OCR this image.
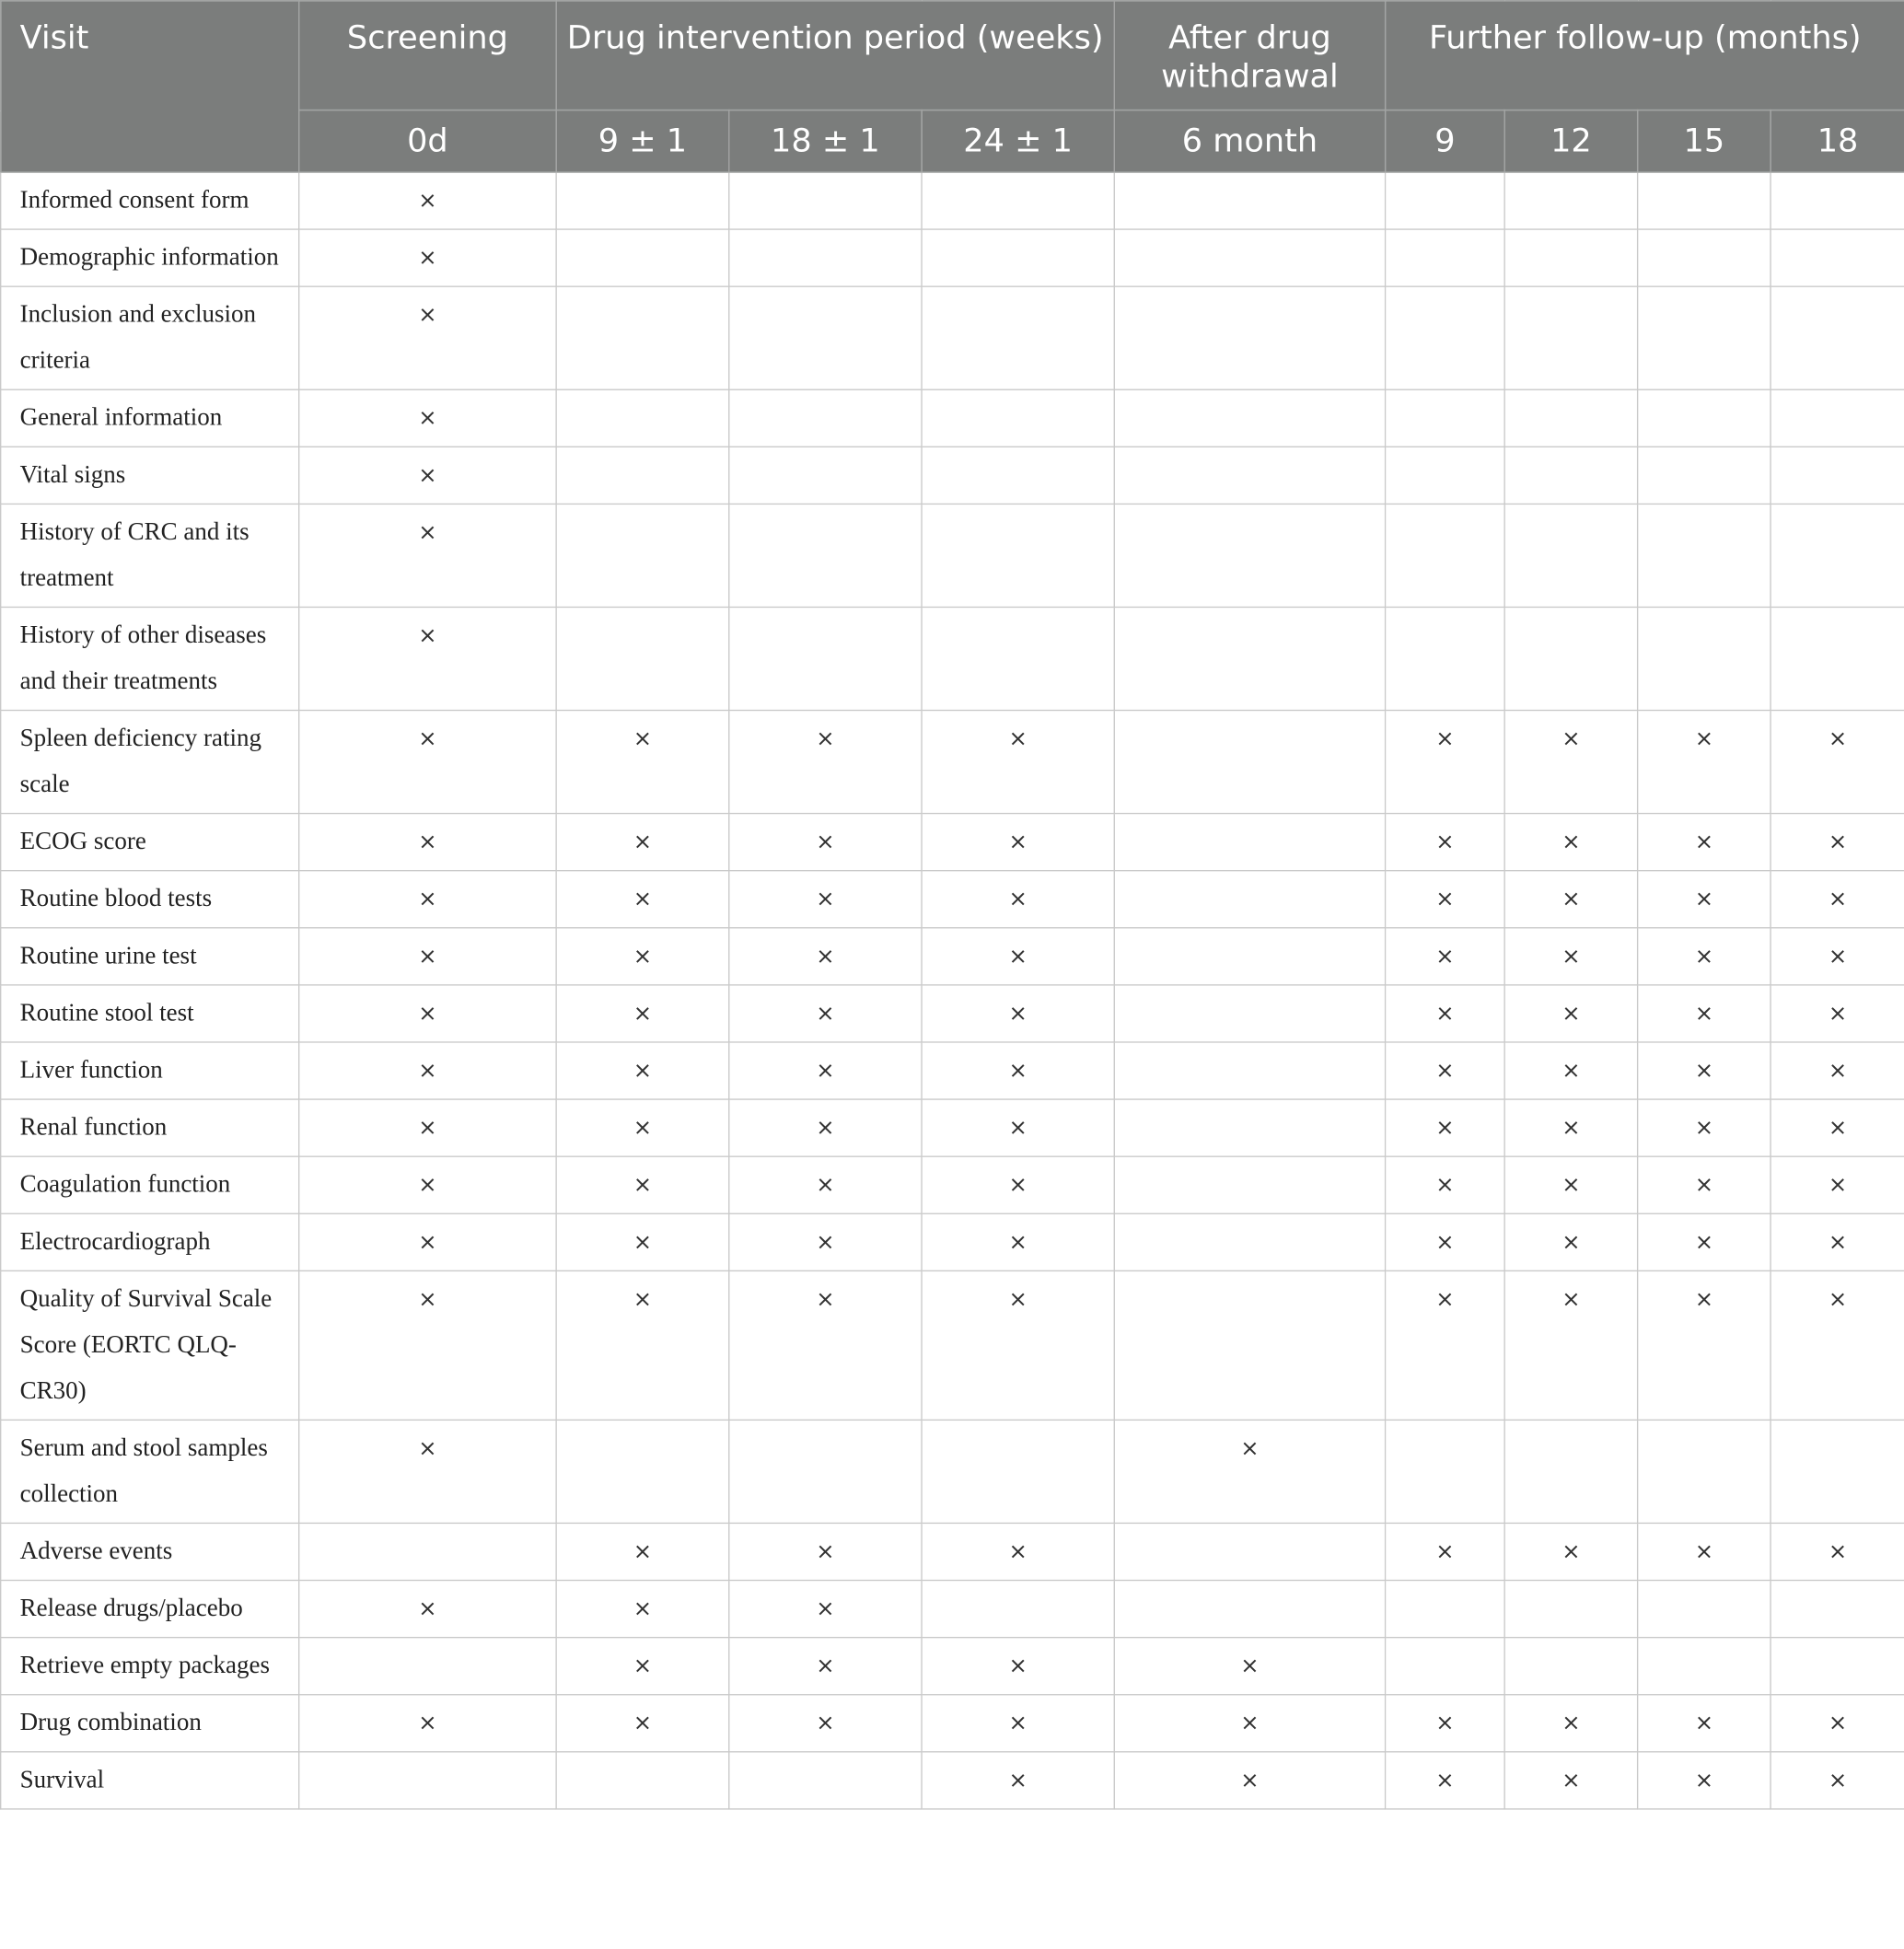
Visit	Screening	Drug intervention period (weeks)			After drug withdrawal	Further follow-up (months)			
	0d	9 ± 1	18 ± 1	24 ± 1	6 month	9	12	15	18
Informed consent form	×								
Demographic information	×								
Inclusion and exclusion criteria	×								
General information	×								
Vital signs	×								
History of CRC and its treatment	×								
History of other diseases and their treatments	×								
Spleen deficiency rating scale	×	×	×	×		×	×	×	×
ECOG score	×	×	×	×		×	×	×	×
Routine blood tests	×	×	×	×		×	×	×	×
Routine urine test	×	×	×	×		×	×	×	×
Routine stool test	×	×	×	×		×	×	×	×
Liver function	×	×	×	×		×	×	×	×
Renal function	×	×	×	×		×	×	×	×
Coagulation function	×	×	×	×		×	×	×	×
Electrocardiograph	×	×	×	×		×	×	×	×
Quality of Survival Scale Score (EORTC QLQ-CR30)	×	×	×	×		×	×	×	×
Serum and stool samples collection	×				×				
Adverse events		×	×	×		×	×	×	×
Release drugs/placebo	×	×	×						
Retrieve empty packages		×	×	×	×				
Drug combination	×	×	×	×	×	×	×	×	×
Survival				×	×	×	×	×	×
